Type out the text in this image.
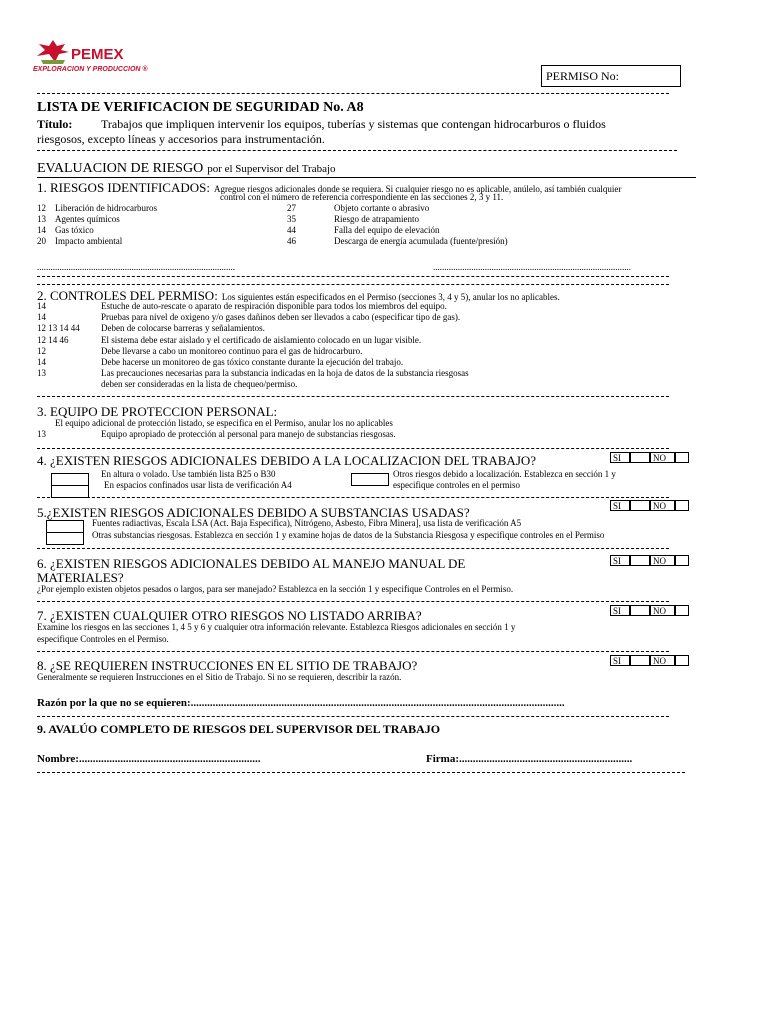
PEMEX
EXPLORACION Y PRODUCCION ®	PERMISO No:
LISTA DE VERIFICACION DE SEGURIDAD No. A8
Título: Trabajos que impliquen intervenir los equipos, tuberías y sistemas que contengan hidrocarburos o fluidos
riesgosos, excepto líneas y accesorios para instrumentación.
EVALUACION DE RIESGO por el Supervisor del Trabajo
1. RIESGOS IDENTIFICADOS: Agregue riesgos adicionales donde se requiera. Si cualquier riesgo no es aplicable, anúlelo, así también cualquier
control con el número de referencia correspondiente en las secciones 2, 3 y 11.
12 Liberación de hidrocarburos
13 Agentes químicos
14 Gas tóxico
20 Impacto ambiental
27	Objeto cortante o abrasivo
35	Riesgo de atrapamiento
44	Falla del equipo de elevación
46	Descarga de energía acumulada (fuente/presión)
........................................................................................	........................................................................................
2. CONTROLES DEL PERMISO: Los siguientes están especificados en el Permiso (secciones 3, 4 y 5), anular los no aplicables.
14	Estuche de auto-rescate o aparato de respiración disponible para todos los miembros del equipo.
14	Pruebas para nivel de oxigeno y/o gases dañinos deben ser llevados a cabo (especificar tipo de gas).
12 13 14 44 Deben de colocarse barreras y señalamientos.
12 14 46	El sistema debe estar aislado y el certificado de aislamiento colocado en un lugar visible.
12	Debe llevarse a cabo un monitoreo continuo para el gas de hidrocarburo.
14	Debe hacerse un monitoreo de gas tóxico constante durante la ejecución del trabajo.
13	Las precauciones necesarias para la substancia indicadas en la hoja de datos de la substancia riesgosas
deben ser consideradas en la lista de chequeo/permiso.
3. EQUIPO DE PROTECCION PERSONAL:
El equipo adicional de protección listado, se especifica en el Permiso, anular los no aplicables
13	Equipo apropiado de protección al personal para manejo de substancias riesgosas.
4. ¿EXISTEN RIESGOS ADICIONALES DEBIDO A LA LOCALIZACION DEL TRABAJO?	SI	NO
En altura o volado. Use también lista B25 o B30
En espacios confinados usar lista de verificación A4
Otros riesgos debido a localización. Establezca en sección 1 y
especifique controles en el permiso
5.¿EXISTEN RIESGOS ADICIONALES DEBIDO A SUBSTANCIAS USADAS?	SI	NO
Fuentes radiactivas, Escala LSA (Act. Baja Especifica), Nitrógeno, Asbesto, Fibra Minera], usa lista de verificación A5
Otras substancias riesgosas. Establezca en sección 1 y examine hojas de datos de la Substancia Riesgosa y especifique controles en el Permiso
6. ¿EXISTEN RIESGOS ADICIONALES DEBIDO AL MANEJO MANUAL DE
MATERIALES?
SI	NO
¿Por ejemplo existen objetos pesados o largos, para ser manejado? Establezca en la sección 1 y especifique Controles en el Permiso.
7. ¿EXISTEN CUALQUIER OTRO RIESGOS NO LISTADO ARRIBA?	SI	NO
Examine los riesgos en las secciones 1, 4 5 y 6 y cualquier otra información relevante. Establezca Riesgos adicionales en sección 1 y
especifique Controles en el Permiso.
8. ¿SE REQUIEREN INSTRUCCIONES EN EL SITIO DE TRABAJO?	SI	NO
Generalmente se requieren Instrucciones en el Sitio de Trabajo. Si no se requieren, describir la razón.
Razón por la que no se equieren:........................................................................................................................................
9. AVALÚO COMPLETO DE RIESGOS DEL SUPERVISOR DEL TRABAJO
Nombre:..................................................................	Firma:...............................................................
